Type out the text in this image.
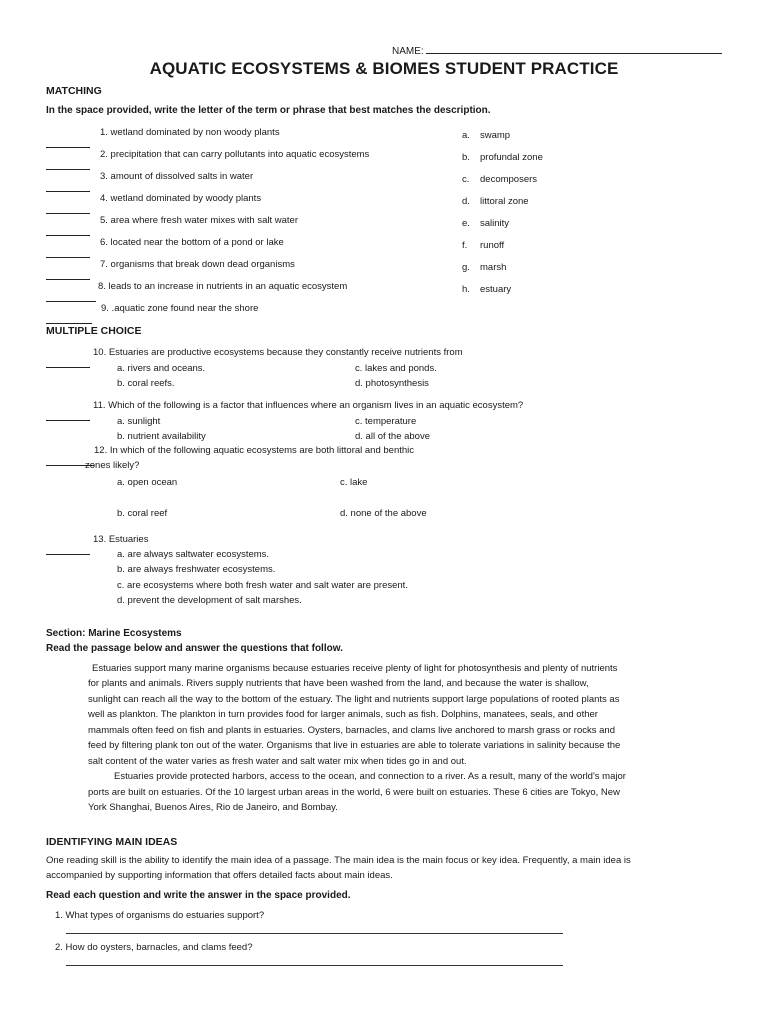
NAME:
AQUATIC ECOSYSTEMS & BIOMES STUDENT PRACTICE
MATCHING
In the space provided, write the letter of the term or phrase that best matches the description.
1. wetland dominated by non woody plants
2. precipitation that can carry pollutants into aquatic ecosystems
3. amount of dissolved salts in water
4. wetland dominated by woody plants
5. area where fresh water mixes with salt water
6. located near the bottom of a pond or lake
7. organisms that break down dead organisms
8. leads to an increase in nutrients in an aquatic ecosystem
9. .aquatic zone found near the shore
a. swamp
b. profundal zone
c. decomposers
d. littoral zone
e. salinity
f. runoff
g. marsh
h. estuary
MULTIPLE CHOICE
10. Estuaries are productive ecosystems because they constantly receive nutrients from
a. rivers and oceans.
b. coral reefs.
c. lakes and ponds.
d. photosynthesis
11. Which of the following is a factor that influences where an organism lives in an aquatic ecosystem?
a. sunlight
b. nutrient availability
c. temperature
d. all of the above
12. In which of the following aquatic ecosystems are both littoral and benthic
zones likely?
a. open ocean
b. coral reef
c. lake
d. none of the above
13. Estuaries
a. are always saltwater ecosystems.
b. are always freshwater ecosystems.
c. are ecosystems where both fresh water and salt water are present.
d. prevent the development of salt marshes.
Section: Marine Ecosystems
Read the passage below and answer the questions that follow.
Estuaries support many marine organisms because estuaries receive plenty of light for photosynthesis and plenty of nutrients
for plants and animals. Rivers supply nutrients that have been washed from the land, and because the water is shallow,
sunlight can reach all the way to the bottom of the estuary. The light and nutrients support large populations of rooted plants as
well as plankton. The plankton in turn provides food for larger animals, such as fish. Dolphins, manatees, seals, and other
mammals often feed on fish and plants in estuaries. Oysters, barnacles, and clams live anchored to marsh grass or rocks and
feed by filtering plank ton out of the water. Organisms that live in estuaries are able to tolerate variations in salinity because the
salt content of the water varies as fresh water and salt water mix when tides go in and out.
Estuaries provide protected harbors, access to the ocean, and connection to a river. As a result, many of the world's major
ports are built on estuaries. Of the 10 largest urban areas in the world, 6 were built on estuaries. These 6 cities are Tokyo, New
York Shanghai, Buenos Aires, Rio de Janeiro, and Bombay.
IDENTIFYING MAIN IDEAS
One reading skill is the ability to identify the main idea of a passage. The main idea is the main focus or key idea. Frequently, a main idea is
accompanied by supporting information that offers detailed facts about main ideas.
Read each question and write the answer in the space provided.
1. What types of organisms do estuaries support?
2. How do oysters, barnacles, and clams feed?
